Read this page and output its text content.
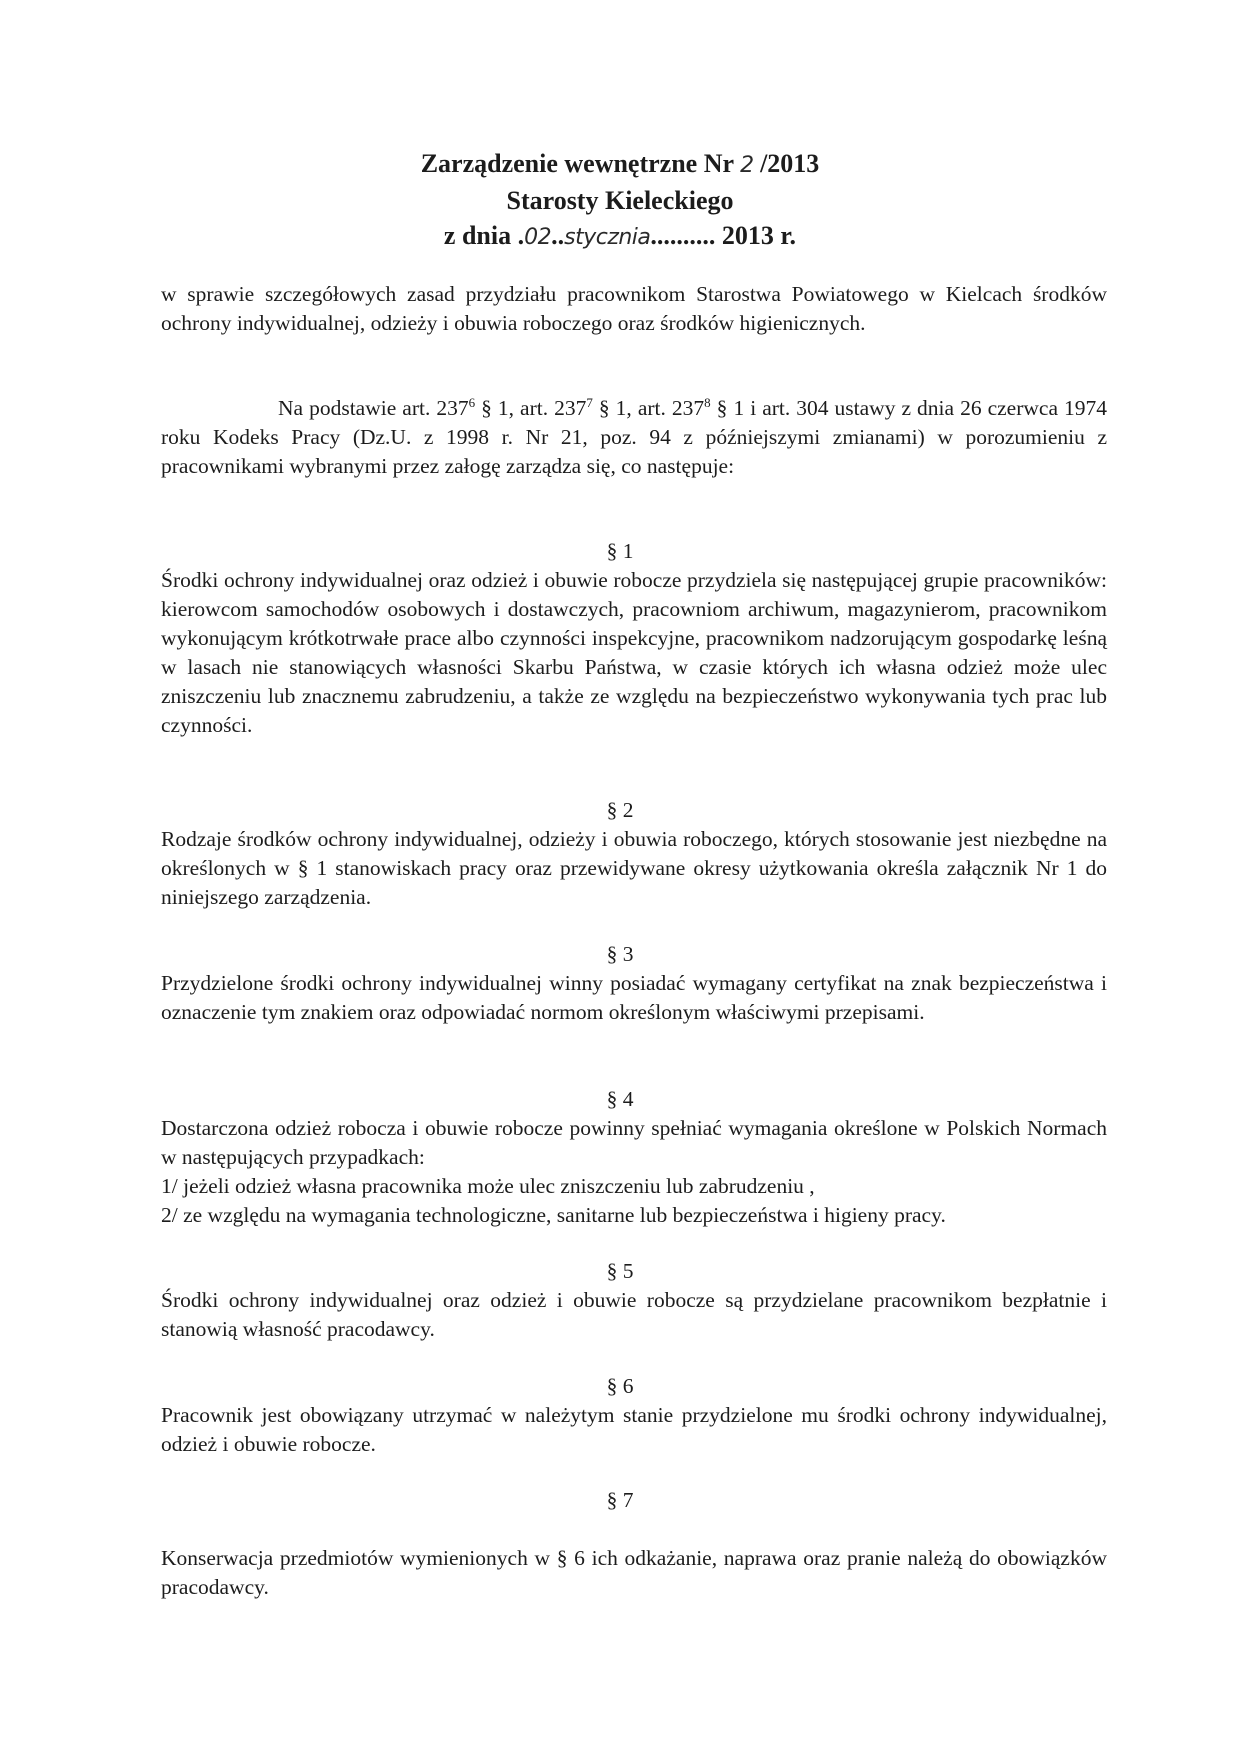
Zarządzenie wewnętrzne Nr 2 /2013
Starosty Kieleckiego
z dnia .02..stycznia.......... 2013 r.

w sprawie szczegółowych zasad przydziału pracownikom Starostwa Powiatowego w Kielcach środków ochrony indywidualnej, odzieży i obuwia roboczego oraz środków higienicznych.

Na podstawie art. $237^6$ § 1, art. $237^7$ § 1, art. $237^8$ § 1 i art. 304 ustawy z dnia 26 czerwca 1974 roku Kodeks Pracy (Dz.U. z 1998 r. Nr 21, poz. 94 z późniejszymi zmianami) w porozumieniu z pracownikami wybranymi przez załogę zarządza się, co następuje:

§ 1

Środki ochrony indywidualnej oraz odzież i obuwie robocze przydziela się następującej grupie pracowników: kierowcom samochodów osobowych i dostawczych, pracowniom archiwum, magazynierom, pracownikom wykonującym krótkotrwałe prace albo czynności inspekcyjne, pracownikom nadzorującym gospodarkę leśną w lasach nie stanowiących własności Skarbu Państwa, w czasie których ich własna odzież może ulec zniszczeniu lub znacznemu zabrudzeniu, a także ze względu na bezpieczeństwo wykonywania tych prac lub czynności.

§ 2

Rodzaje środków ochrony indywidualnej, odzieży i obuwia roboczego, których stosowanie jest niezbędne na określonych w § 1 stanowiskach pracy oraz przewidywane okresy użytkowania określa załącznik Nr 1 do niniejszego zarządzenia.

§ 3

Przydzielone środki ochrony indywidualnej winny posiadać wymagany certyfikat na znak bezpieczeństwa i oznaczenie tym znakiem oraz odpowiadać normom określonym właściwymi przepisami.

§ 4

Dostarczona odzież robocza i obuwie robocze powinny spełniać wymagania określone w Polskich Normach w następujących przypadkach:

1/ jeżeli odzież własna pracownika może ulec zniszczeniu lub zabrudzeniu ,

2/ ze względu na wymagania technologiczne, sanitarne lub bezpieczeństwa i higieny pracy.

§ 5

Środki ochrony indywidualnej oraz odzież i obuwie robocze są przydzielane pracownikom bezpłatnie i stanowią własność pracodawcy.

§ 6

Pracownik jest obowiązany utrzymać w należytym stanie przydzielone mu środki ochrony indywidualnej, odzież i obuwie robocze.

§ 7

Konserwacja przedmiotów wymienionych w § 6 ich odkażanie, naprawa oraz pranie należą do obowiązków pracodawcy.
